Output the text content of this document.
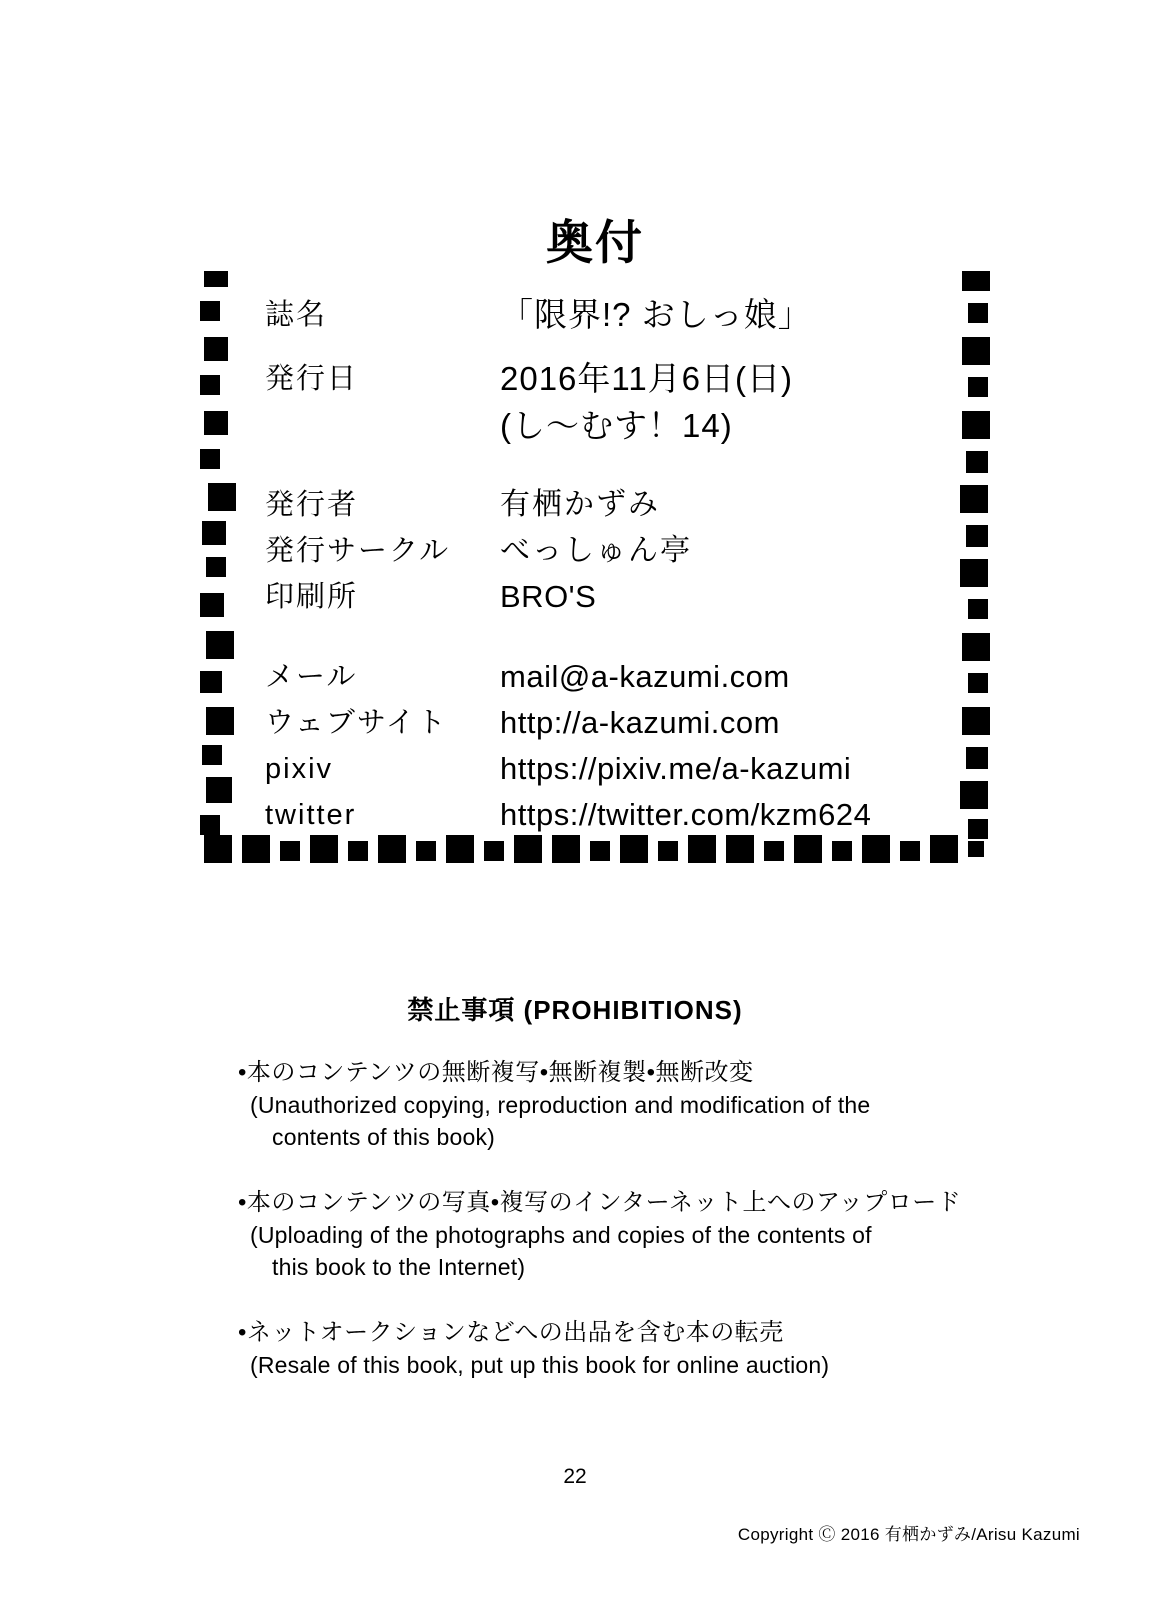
奥付
誌名	「限界!? おしっ娘」
発行日	2016年11月6日(日)
(し〜むす！14)
発行者	有栖かずみ
発行サークル	べっしゅん亭
印刷所	BRO'S
メール	mail@a-kazumi.com
ウェブサイト	http://a-kazumi.com
pixiv	https://pixiv.me/a-kazumi
twitter	https://twitter.com/kzm624
禁止事項 (PROHIBITIONS)
•本のコンテンツの無断複写•無断複製•無断改変
(Unauthorized copying, reproduction and modification of the
contents of this book)
•本のコンテンツの写真•複写のインターネット上へのアップロード
(Uploading of the photographs and copies of the contents of
this book to the Internet)
•ネットオークションなどへの出品を含む本の転売
(Resale of this book, put up this book for online auction)
22
Copyright Ⓒ 2016 有栖かずみ/Arisu Kazumi
